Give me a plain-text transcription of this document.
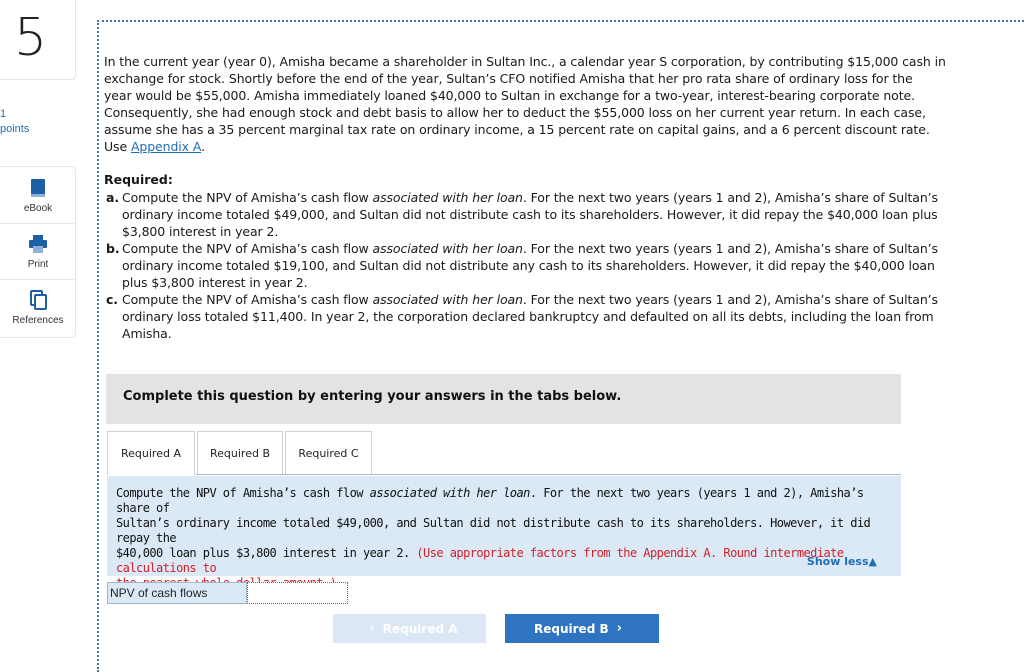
5
1
points
eBook
Print
References
In the current year (year 0), Amisha became a shareholder in Sultan Inc., a calendar year S corporation, by contributing $15,000 cash in
exchange for stock. Shortly before the end of the year, Sultan’s CFO notified Amisha that her pro rata share of ordinary loss for the
year would be $55,000. Amisha immediately loaned $40,000 to Sultan in exchange for a two-year, interest-bearing corporate note.
Consequently, she had enough stock and debt basis to allow her to deduct the $55,000 loss on her current year return. In each case,
assume she has a 35 percent marginal tax rate on ordinary income, a 15 percent rate on capital gains, and a 6 percent discount rate.
Use Appendix A.
Required:
a. Compute the NPV of Amisha’s cash flow associated with her loan. For the next two years (years 1 and 2), Amisha’s share of Sultan’s
ordinary income totaled $49,000, and Sultan did not distribute cash to its shareholders. However, it did repay the $40,000 loan plus
$3,800 interest in year 2.
b. Compute the NPV of Amisha’s cash flow associated with her loan. For the next two years (years 1 and 2), Amisha’s share of Sultan’s
ordinary income totaled $19,100, and Sultan did not distribute any cash to its shareholders. However, it did repay the $40,000 loan
plus $3,800 interest in year 2.
c. Compute the NPV of Amisha’s cash flow associated with her loan. For the next two years (years 1 and 2), Amisha’s share of Sultan’s
ordinary loss totaled $11,400. In year 2, the corporation declared bankruptcy and defaulted on all its debts, including the loan from
Amisha.
Complete this question by entering your answers in the tabs below.
Required A	Required B	Required C
Compute the NPV of Amisha’s cash flow associated with her loan. For the next two years (years 1 and 2), Amisha’s share of
Sultan’s ordinary income totaled $49,000, and Sultan did not distribute cash to its shareholders. However, it did repay the
$40,000 loan plus $3,800 interest in year 2. (Use appropriate factors from the Appendix A. Round intermediate calculations to	Show less▲
NPV of cash flows
‹ Required A	Required B ›
